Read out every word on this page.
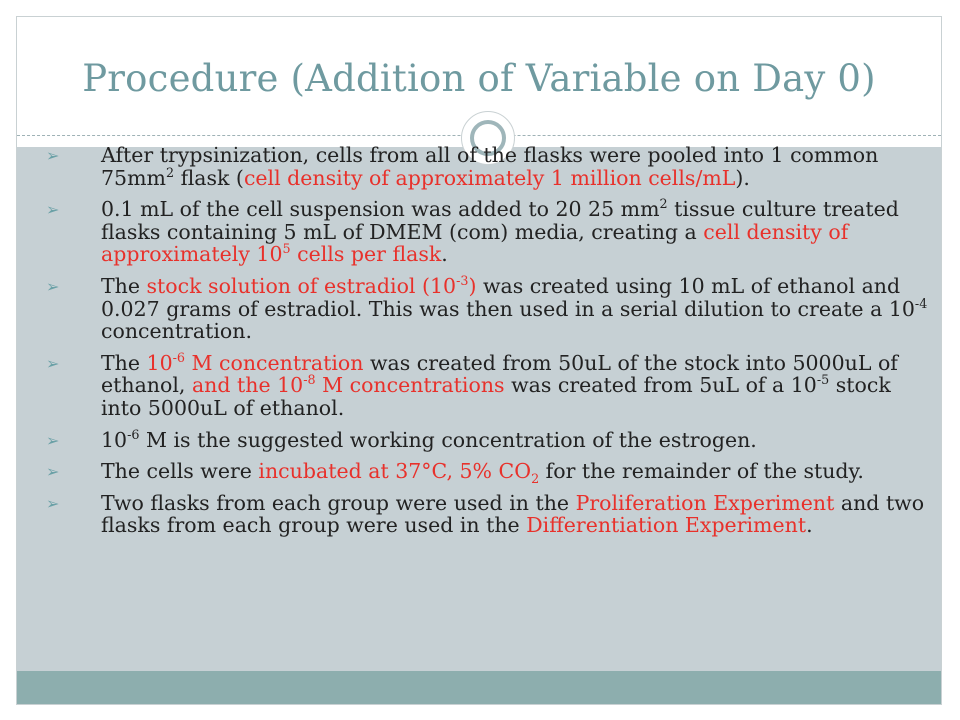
Procedure (Addition of Variable on Day 0)
➢ After trypsinization, cells from all of the flasks were pooled into 1 common $75mm^2$ flask (cell density of approximately 1 million cells/mL).
➢ 0.1 mL of the cell suspension was added to 20 25 $mm^2$ tissue culture treated flasks containing 5 mL of DMEM (com) media, creating a cell density of approximately $10^5$ cells per flask.
➢ The stock solution of estradiol $(10^{-3})$ was created using 10 mL of ethanol and 0.027 grams of estradiol. This was then used in a serial dilution to create a $10^{-4}$ concentration.
➢ The $10^{-6}$ M concentration was created from 50uL of the stock into 5000uL of ethanol, and the $10^{-8}$ M concentrations was created from 5uL of a $10^{-5}$ stock into 5000uL of ethanol.
➢ $10^{-6}$ M is the suggested working concentration of the estrogen.
➢ The cells were incubated at 37°C, 5% $CO_2$ for the remainder of the study.
➢ Two flasks from each group were used in the Proliferation Experiment and two flasks from each group were used in the Differentiation Experiment.
